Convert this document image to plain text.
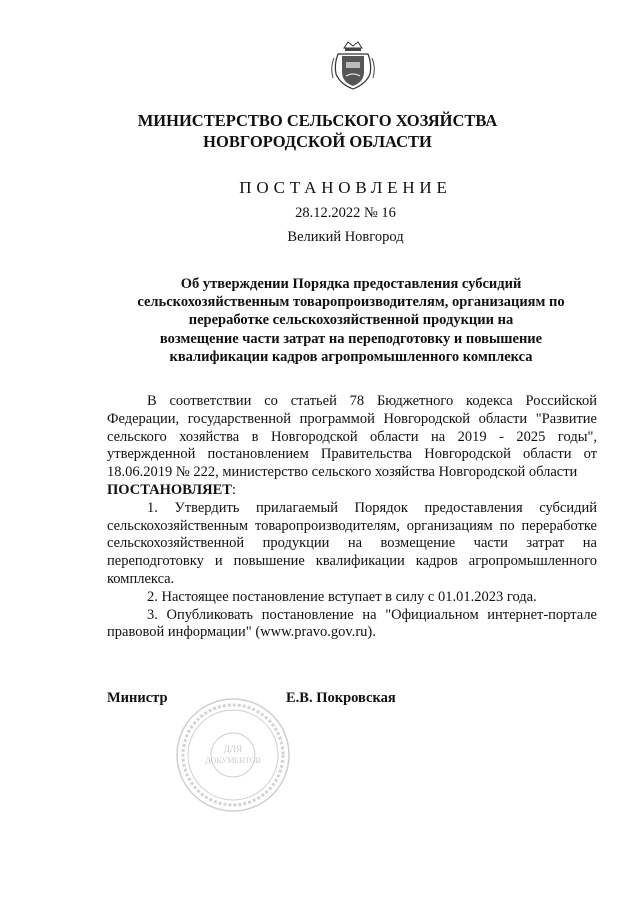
МИНИСТЕРСТВО СЕЛЬСКОГО ХОЗЯЙСТВА
НОВГОРОДСКОЙ ОБЛАСТИ
ПОСТАНОВЛЕНИЕ
28.12.2022 № 16
Великий Новгород
Об утверждении Порядка предоставления субсидий
сельскохозяйственным товаропроизводителям, организациям по
переработке сельскохозяйственной продукции на
возмещение части затрат на переподготовку и повышение
квалификации кадров агропромышленного комплекса

В соответствии со статьей 78 Бюджетного кодекса Российской Федерации, государственной программой Новгородской области "Развитие сельского хозяйства в Новгородской области на 2019 - 2025 годы", утвержденной постановлением Правительства Новгородской области от 18.06.2019 № 222, министерство сельского хозяйства Новгородской области

ПОСТАНОВЛЯЕТ:

1. Утвердить прилагаемый Порядок предоставления субсидий сельскохозяйственным товаропроизводителям, организациям по переработке сельскохозяйственной продукции на возмещение части затрат на переподготовку и повышение квалификации кадров агропромышленного комплекса.

2. Настоящее постановление вступает в силу с 01.01.2023 года.

3. Опубликовать постановление на "Официальном интернет-портале правовой информации" (www.pravo.gov.ru).

Министр	Е.В. Покровская
ДЛЯ
ДОКУМЕНТОВ
